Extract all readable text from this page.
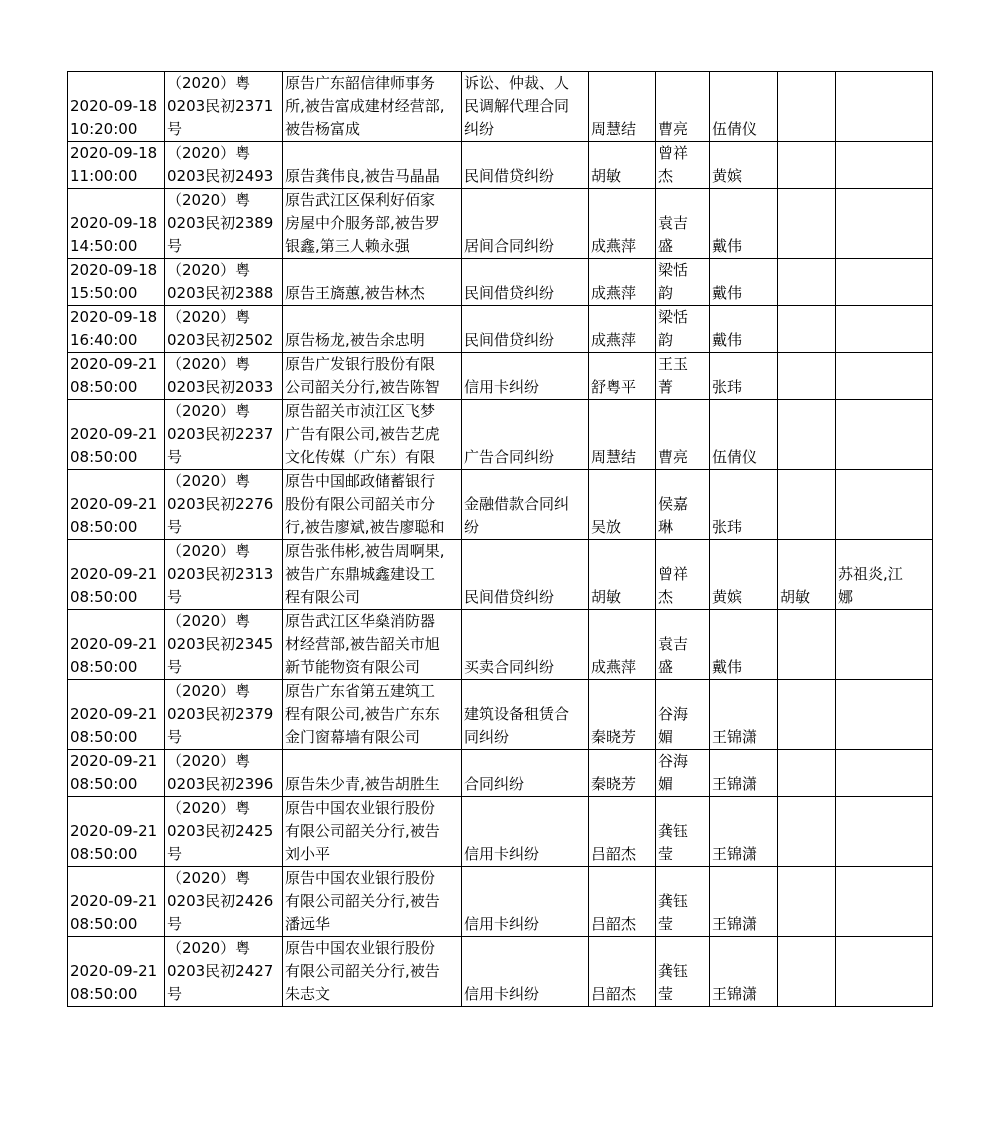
2020-09-18
10:20:00	（2020）粤
0203民初2371
号	原告广东韶信律师事务
所,被告富成建材经营部,
被告杨富成	诉讼、仲裁、人
民调解代理合同
纠纷	周慧结	曹亮	伍倩仪		

2020-09-18
11:00:00	（2020）粤
0203民初2493	原告龚伟良,被告马晶晶	民间借贷纠纷	胡敏	曾祥
杰	黄嫔		

2020-09-18
14:50:00	（2020）粤
0203民初2389
号	原告武江区保利好佰家
房屋中介服务部,被告罗
银鑫,第三人赖永强	居间合同纠纷	成燕萍	袁吉
盛	戴伟		

2020-09-18
15:50:00	（2020）粤
0203民初2388	原告王旖蕙,被告林杰	民间借贷纠纷	成燕萍	梁恬
韵	戴伟		

2020-09-18
16:40:00	（2020）粤
0203民初2502	原告杨龙,被告余忠明	民间借贷纠纷	成燕萍	梁恬
韵	戴伟		

2020-09-21
08:50:00	（2020）粤
0203民初2033	原告广发银行股份有限
公司韶关分行,被告陈智	信用卡纠纷	舒粤平	王玉
菁	张玮		

2020-09-21
08:50:00	（2020）粤
0203民初2237
号	原告韶关市浈江区飞梦
广告有限公司,被告艺虎
文化传媒（广东）有限	广告合同纠纷	周慧结	曹亮	伍倩仪		

2020-09-21
08:50:00	（2020）粤
0203民初2276
号	原告中国邮政储蓄银行
股份有限公司韶关市分
行,被告廖斌,被告廖聪和	金融借款合同纠
纷	吴放	侯嘉
琳	张玮		

2020-09-21
08:50:00	（2020）粤
0203民初2313
号	原告张伟彬,被告周啊果,
被告广东鼎城鑫建设工
程有限公司	民间借贷纠纷	胡敏	曾祥
杰	黄嫔	胡敏	苏祖炎,江
娜

2020-09-21
08:50:00	（2020）粤
0203民初2345
号	原告武江区华燊消防器
材经营部,被告韶关市旭
新节能物资有限公司	买卖合同纠纷	成燕萍	袁吉
盛	戴伟		

2020-09-21
08:50:00	（2020）粤
0203民初2379
号	原告广东省第五建筑工
程有限公司,被告广东东
金门窗幕墙有限公司	建筑设备租赁合
同纠纷	秦晓芳	谷海
媚	王锦潇		

2020-09-21
08:50:00	（2020）粤
0203民初2396	原告朱少青,被告胡胜生	合同纠纷	秦晓芳	谷海
媚	王锦潇		

2020-09-21
08:50:00	（2020）粤
0203民初2425
号	原告中国农业银行股份
有限公司韶关分行,被告
刘小平	信用卡纠纷	吕韶杰	龚钰
莹	王锦潇		

2020-09-21
08:50:00	（2020）粤
0203民初2426
号	原告中国农业银行股份
有限公司韶关分行,被告
潘远华	信用卡纠纷	吕韶杰	龚钰
莹	王锦潇		

2020-09-21
08:50:00	（2020）粤
0203民初2427
号	原告中国农业银行股份
有限公司韶关分行,被告
朱志文	信用卡纠纷	吕韶杰	龚钰
莹	王锦潇		
